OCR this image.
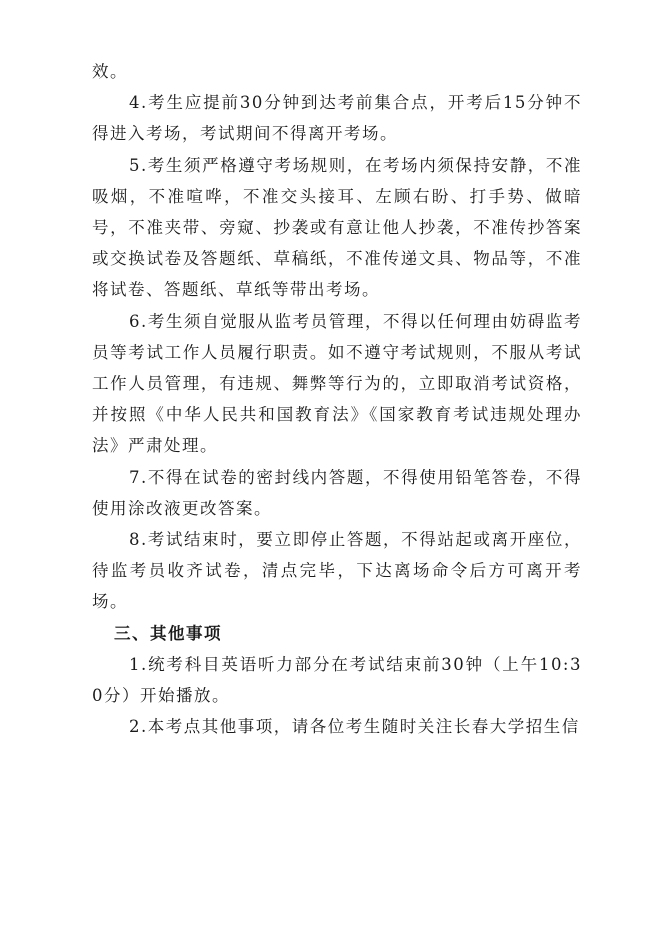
效。

4.考生应提前30分钟到达考前集合点，开考后15分钟不得进入考场，考试期间不得离开考场。

5.考生须严格遵守考场规则，在考场内须保持安静，不准吸烟，不准喧哗，不准交头接耳、左顾右盼、打手势、做暗号，不准夹带、旁窥、抄袭或有意让他人抄袭，不准传抄答案或交换试卷及答题纸、草稿纸，不准传递文具、物品等，不准将试卷、答题纸、草纸等带出考场。

6.考生须自觉服从监考员管理，不得以任何理由妨碍监考员等考试工作人员履行职责。如不遵守考试规则，不服从考试工作人员管理，有违规、舞弊等行为的，立即取消考试资格，并按照《中华人民共和国教育法》《国家教育考试违规处理办法》严肃处理。

7.不得在试卷的密封线内答题，不得使用铅笔答卷，不得使用涂改液更改答案。

8.考试结束时，要立即停止答题，不得站起或离开座位，待监考员收齐试卷，清点完毕，下达离场命令后方可离开考场。

三、其他事项

1.统考科目英语听力部分在考试结束前30钟（上午10:30分）开始播放。

2.本考点其他事项，请各位考生随时关注长春大学招生信
